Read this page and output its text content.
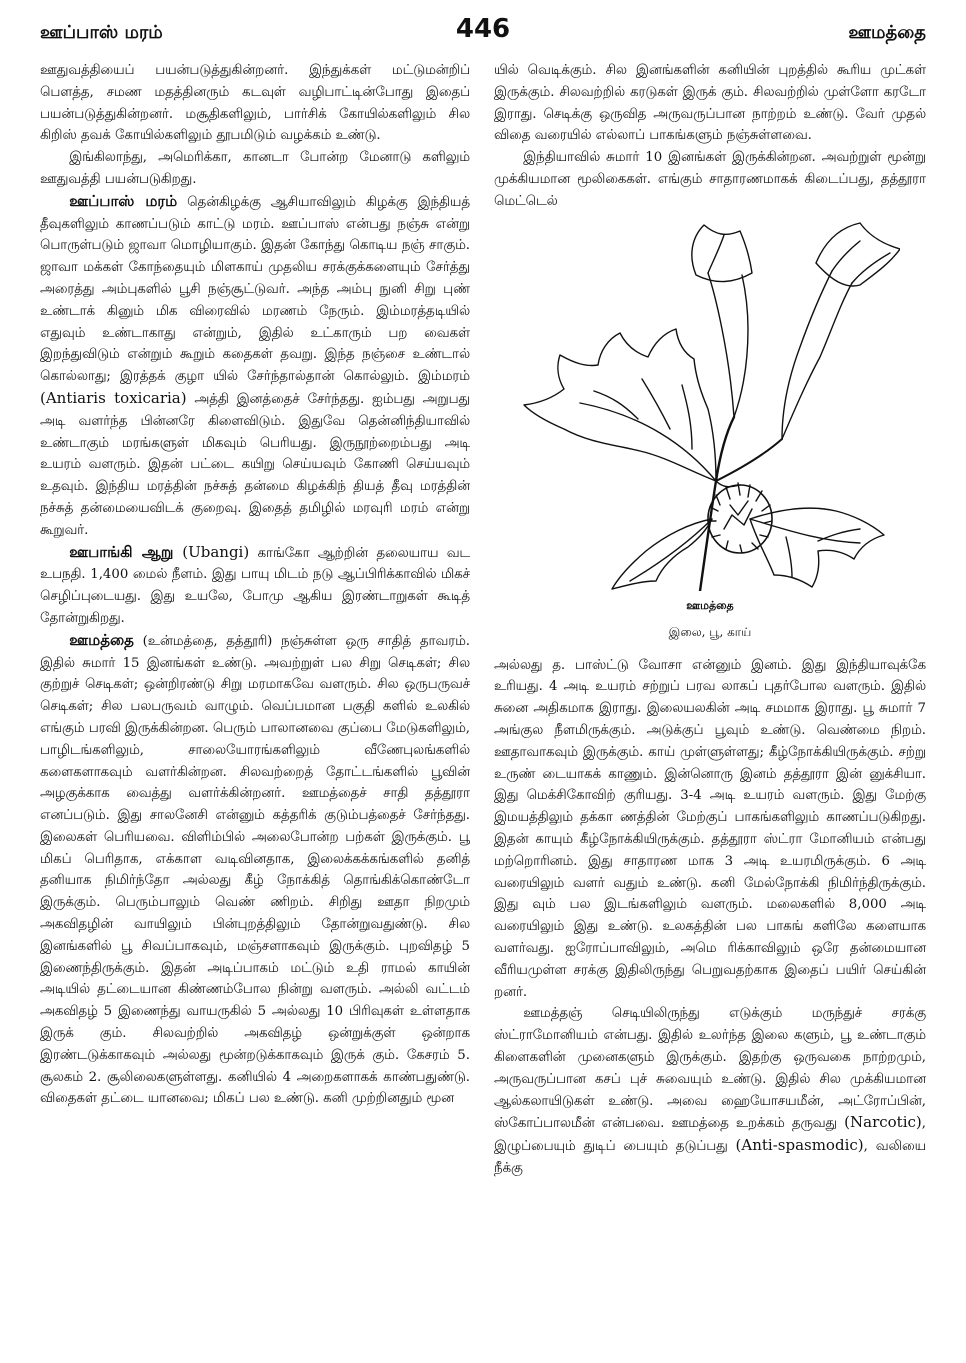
ஊப்பாஸ் மரம்	446	ஊமத்தை

ஊதுவத்தியைப் பயன்படுத்துகின்றனர். இந்துக்கள் மட்டுமன்றிப் பௌத்த, சமண மதத்தினரும் கடவுள் வழிபாட்டின்போது இதைப் பயன்படுத்துகின்றனர். மசூதிகளிலும், பார்சிக் கோயில்களிலும் சில கிறிஸ் தவக் கோயில்களிலும் தூபமிடும் வழக்கம் உண்டு.

இங்கிலாந்து, அமெரிக்கா, கானடா போன்ற மேனாடு களிலும் ஊதுவத்தி பயன்படுகிறது.

ஊப்பாஸ் மரம் தென்கிழக்கு ஆசியாவிலும் கிழக்கு இந்தியத் தீவுகளிலும் காணப்படும் காட்டு மரம். ஊப்பாஸ் என்பது நஞ்சு என்று பொருள்படும் ஜாவா மொழியாகும். இதன் கோந்து கொடிய நஞ் சாகும். ஜாவா மக்கள் கோந்தையும் மிளகாய் முதலிய சரக்குக்களையும் சேர்த்து அரைத்து அம்புகளில் பூசி நஞ்சூட்டுவர். அந்த அம்பு நுனி சிறு புண் உண்டாக் கினும் மிக விரைவில் மரணம் நேரும். இம்மரத்தடியில் எதுவும் உண்டாகாது என்றும், இதில் உட்காரும் பற வைகள் இறந்துவிடும் என்றும் கூறும் கதைகள் தவறு. இந்த நஞ்சை உண்டால் கொல்லாது; இரத்தக் குழா யில் சேர்ந்தால்தான் கொல்லும். இம்மரம் (Antiaris toxicaria) அத்தி இனத்தைச் சேர்ந்தது. ஐம்பது அறுபது அடி வளர்ந்த பின்னரே கிளைவிடும். இதுவே தென்னிந்தியாவில் உண்டாகும் மரங்களுள் மிகவும் பெரியது. இருநூற்றைம்பது அடி உயரம் வளரும். இதன் பட்டை கயிறு செய்யவும் கோணி செய்யவும் உதவும். இந்திய மரத்தின் நச்சுத் தன்மை கிழக்கிந் தியத் தீவு மரத்தின் நச்சுத் தன்மையைவிடக் குறைவு. இதைத் தமிழில் மரவுரி மரம் என்று கூறுவர்.

ஊபாங்கி ஆறு (Ubangi) காங்கோ ஆற்றின் தலையாய வட உபநதி. 1,400 மைல் நீளம். இது பாயு மிடம் நடு ஆப்பிரிக்காவில் மிகச் செழிப்புடையது. இது உயலே, போமு ஆகிய இரண்டாறுகள் கூடித் தோன்றுகிறது.

ஊமத்தை (உன்மத்தை, தத்தூரி) நஞ்சுள்ள ஒரு சாதித் தாவரம். இதில் சுமார் 15 இனங்கள் உண்டு. அவற்றுள் பல சிறு செடிகள்; சில குற்றுச் செடிகள்; ஒன்றிரண்டு சிறு மரமாகவே வளரும். சில ஒருபருவச் செடிகள்; சில பலபருவம் வாழும். வெப்பமான பகுதி களில் உலகில் எங்கும் பரவி இருக்கின்றன. பெரும் பாலானவை குப்பை மேடுகளிலும், பாழிடங்களிலும், சாலையோரங்களிலும் வீணேபுலங்களில் களைகளாகவும் வளர்கின்றன. சிலவற்றைத் தோட்டங்களில் பூவின் அழகுக்காக வைத்து வளர்க்கின்றனர். ஊமத்தைச் சாதி தத்தூரா எனப்படும். இது சாலனேசி என்னும் கத்தரிக் குடும்பத்தைச் சேர்ந்தது. இலைகள் பெரியவை. விளிம்பில் அலைபோன்ற பற்கள் இருக்கும். பூ மிகப் பெரிதாக, எக்காள வடிவினதாக, இலைக்கக்கங்களில் தனித் தனியாக நிமிர்ந்தோ அல்லது கீழ் நோக்கித் தொங்கிக்கொண்டோ இருக்கும். பெரும்பாலும் வெண் ணிறம். சிறிது ஊதா நிறமும் அகவிதழின் வாயிலும் பின்புறத்திலும் தோன்றுவதுண்டு. சில இனங்களில் பூ சிவப்பாகவும், மஞ்சளாகவும் இருக்கும். புறவிதழ் 5 இணைந்திருக்கும். இதன் அடிப்பாகம் மட்டும் உதி ராமல் காயின் அடியில் தட்டையான கிண்ணம்போல நின்று வளரும். அல்லி வட்டம் அகவிதழ் 5 இணைந்து வாயருகில் 5 அல்லது 10 பிரிவுகள் உள்ளதாக இருக் கும். சிலவற்றில் அகவிதழ் ஒன்றுக்குள் ஒன்றாக இரண்டடுக்காகவும் அல்லது மூன்றடுக்காகவும் இருக் கும். கேசரம் 5. சூலகம் 2. சூலிலைகளுள்ளது. கனியில் 4 அறைகளாகக் காண்பதுண்டு. விதைகள் தட்டை யானவை; மிகப் பல உண்டு. கனி முற்றினதும் மூன

யில் வெடிக்கும். சில இனங்களின் கனியின் புறத்தில் கூரிய முட்கள் இருக்கும். சிலவற்றில் கரடுகள் இருக் கும். சிலவற்றில் முள்ளோ கரடோ இராது. செடிக்கு ஒருவித அருவருப்பான நாற்றம் உண்டு. வேர் முதல் விதை வரையில் எல்லாப் பாகங்களும் நஞ்சுள்ளவை.

இந்தியாவில் சுமார் 10 இனங்கள் இருக்கின்றன. அவற்றுள் மூன்று முக்கியமான மூலிகைகள். எங்கும் சாதாரணமாகக் கிடைப்பது, தத்தூரா மெட்டெல்

ஊமத்தை
இலை, பூ, காய்

அல்லது த. பாஸ்ட்டு வோசா என்னும் இனம். இது இந்தியாவுக்கே உரியது. 4 அடி உயரம் சற்றுப் பரவ லாகப் புதர்போல வளரும். இதில் சுனை அதிகமாக இராது. இலையலகின் அடி சமமாக இராது. பூ சுமார் 7 அங்குல நீளமிருக்கும். அடுக்குப் பூவும் உண்டு. வெண்மை நிறம். ஊதாவாகவும் இருக்கும். காய் முள்ளுள்ளது; கீழ்நோக்கியிருக்கும். சற்று உருண் டையாகக் காணும். இன்னொரு இனம் தத்தூரா இன் னுக்சியா. இது மெக்சிகோவிற் குரியது. 3-4 அடி உயரம் வளரும். இது மேற்கு இமயத்திலும் தக்கா ணத்தின் மேற்குப் பாகங்களிலும் காணப்படுகிறது. இதன் காயும் கீழ்நோக்கியிருக்கும். தத்தூரா ஸ்ட்ரா மோனியம் என்பது மற்றொரினம். இது சாதாரண மாக 3 அடி உயரமிருக்கும். 6 அடி வரையிலும் வளர் வதும் உண்டு. கனி மேல்நோக்கி நிமிர்ந்திருக்கும். இது வும் பல இடங்களிலும் வளரும். மலைகளில் 8,000 அடி வரையிலும் இது உண்டு. உலகத்தின் பல பாகங் களிலே களையாக வளர்வது. ஐரோப்பாவிலும், அமெ ரிக்காவிலும் ஒரே தன்மையான வீரியமுள்ள சரக்கு இதிலிருந்து பெறுவதற்காக இதைப் பயிர் செய்கின் றனர்.

ஊமத்தஞ் செடியிலிருந்து எடுக்கும் மருந்துச் சரக்கு ஸ்ட்ராமோனியம் என்பது. இதில் உலர்ந்த இலை களும், பூ உண்டாகும் கிளைகளின் முனைகளும் இருக்கும். இதற்கு ஒருவகை நாற்றமும், அருவருப்பான கசப் புச் சுவையும் உண்டு. இதில் சில முக்கியமான ஆல்கலாயிடுகள் உண்டு. அவை ஹையோசயமீன், அட்ரோப்பின், ஸ்கோப்பாலமீன் என்பவை. ஊமத்தை உறக்கம் தருவது (Narcotic), இழுப்பையும் துடிப் பையும் தடுப்பது (Anti-spasmodic), வலியை நீக்கு
